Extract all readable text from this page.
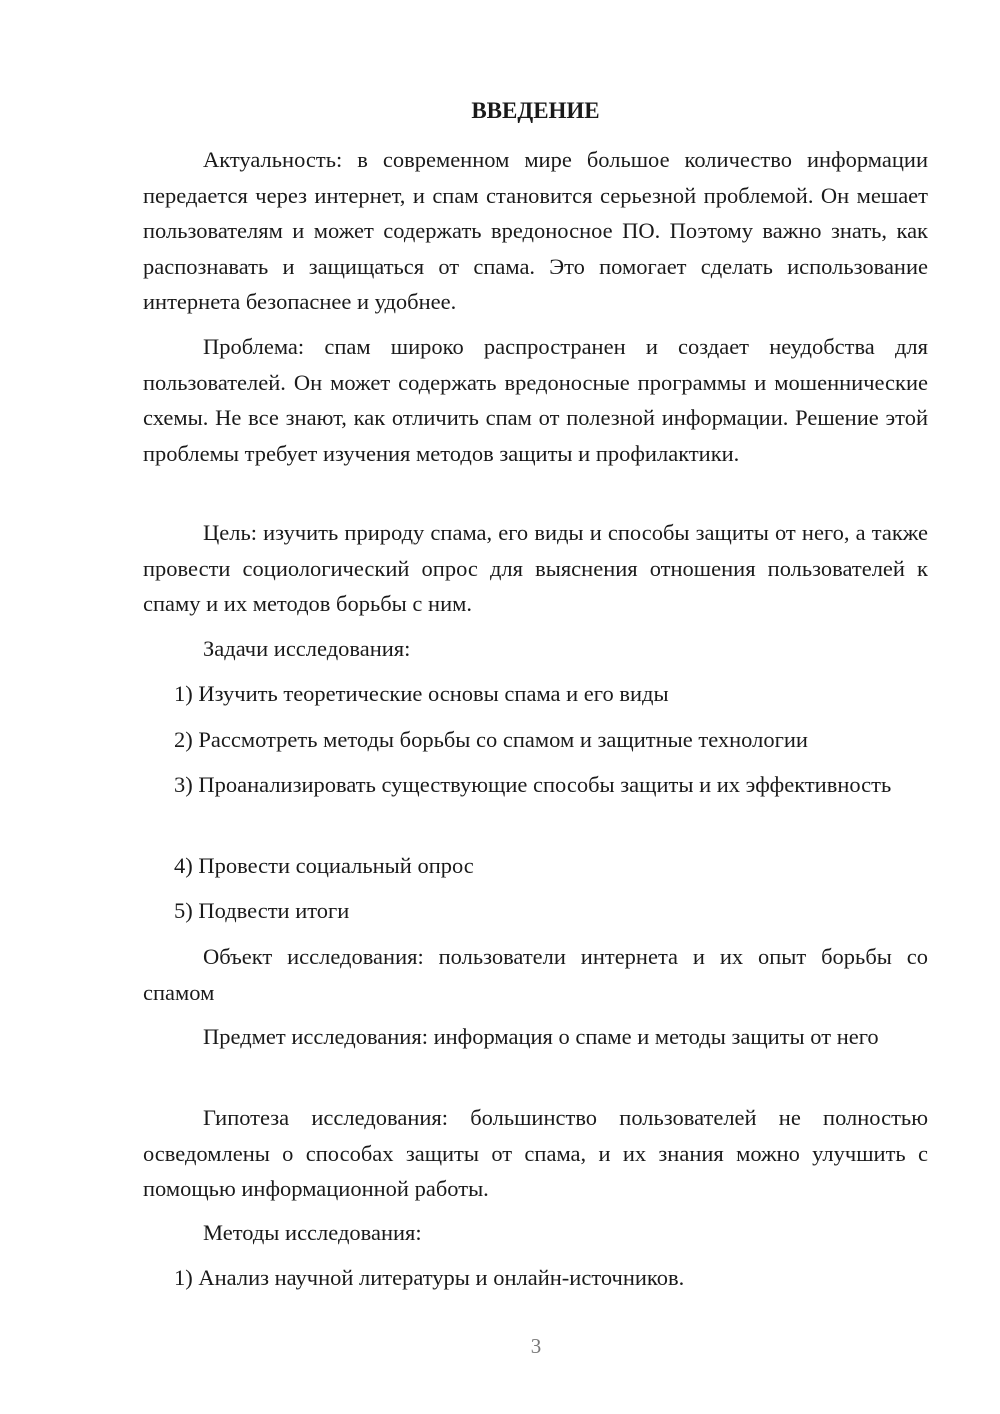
ВВЕДЕНИЕ

Актуальность: в современном мире большое количество информации передается через интернет, и спам становится серьезной проблемой. Он мешает пользователям и может содержать вредоносное ПО. Поэтому важно знать, как распознавать и защищаться от спама. Это помогает сделать использование интернета безопаснее и удобнее.

Проблема: спам широко распространен и создает неудобства для пользователей. Он может содержать вредоносные программы и мошеннические схемы. Не все знают, как отличить спам от полезной информации. Решение этой проблемы требует изучения методов защиты и профилактики.

Цель: изучить природу спама, его виды и способы защиты от него, а также провести социологический опрос для выяснения отношения пользователей к спаму и их методов борьбы с ним.

Задачи исследования:

1) Изучить теоретические основы спама и его виды

2) Рассмотреть методы борьбы со спамом и защитные технологии

3) Проанализировать существующие способы защиты и их эффективность

4) Провести социальный опрос

5) Подвести итоги

Объект исследования: пользователи интернета и их опыт борьбы со спамом

Предмет исследования: информация о спаме и методы защиты от него

Гипотеза исследования: большинство пользователей не полностью осведомлены о способах защиты от спама, и их знания можно улучшить с помощью информационной работы.

Методы исследования:

1) Анализ научной литературы и онлайн-источников.

3
